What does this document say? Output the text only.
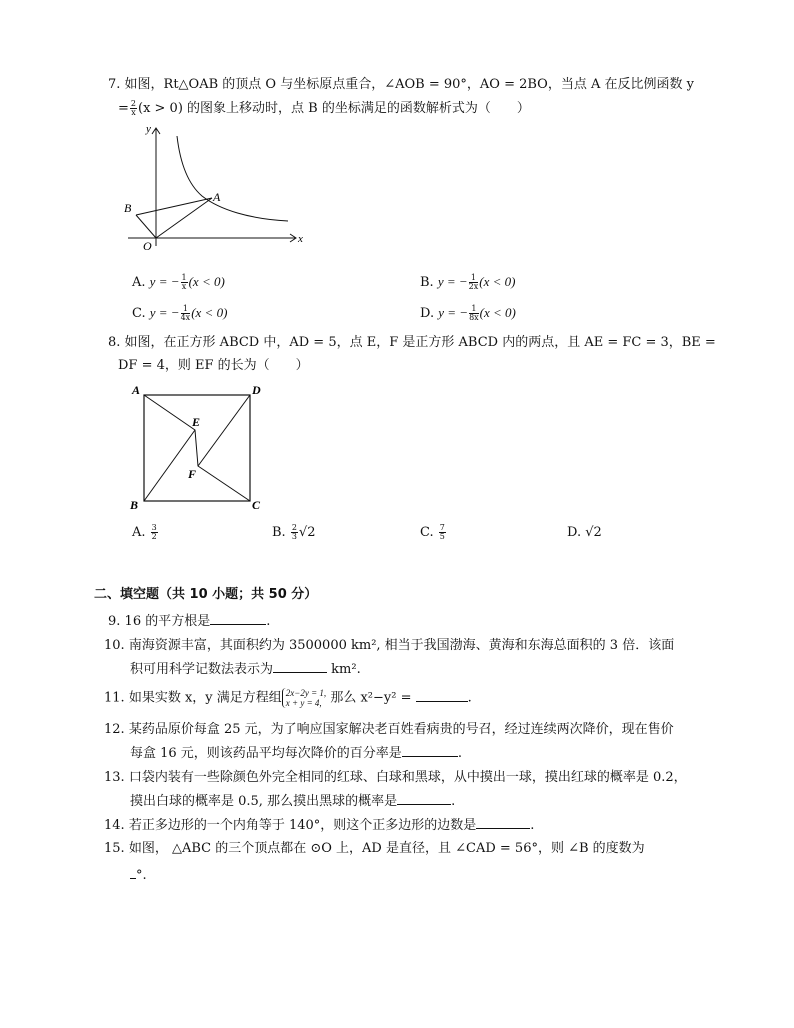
7. 如图，Rt△OAB 的顶点 O 与坐标原点重合，∠AOB = 90°，AO = 2BO，当点 A 在反比例函数 y
= $\frac{2}{x} (x > 0)$ 的图象上移动时，点 B 的坐标满足的函数解析式为（　　）
y
x
O
A
B
A. y = − $\frac{1}{x} (x < 0)$	B. y = − $\frac{1}{2x} (x < 0)$
C. y = − $\frac{1}{4x} (x < 0)$	D. y = − $\frac{1}{8x} (x < 0)$
8. 如图，在正方形 ABCD 中，AD = 5，点 E，F 是正方形 ABCD 内的两点，且 AE = FC = 3，BE =
DF = 4，则 EF 的长为（　　）
A	D
B	C
E
F
A. $\frac{3}{2}$	B. $\frac{2}{3} √2$	C. $\frac{7}{5}$	D. √2
二、填空题（共 10 小题；共 50 分）
9. 16 的平方根是	.
10. 南海资源丰富，其面积约为 3500000 km², 相当于我国渤海、黄海和东海总面积的 3 倍．该面
积可用科学记数法表示为	km².
11. 如果实数 x，y 满足方程组 2x−2y = 1,
x + y = 4, 那么 x²−y² =	.
12. 某药品原价每盒 25 元，为了响应国家解决老百姓看病贵的号召，经过连续两次降价，现在售价
每盒 16 元，则该药品平均每次降价的百分率是	.
13. 口袋内装有一些除颜色外完全相同的红球、白球和黑球，从中摸出一球，摸出红球的概率是 0.2，
摸出白球的概率是 0.5, 那么摸出黑球的概率是	.
14. 若正多边形的一个内角等于 140°，则这个正多边形的边数是	.
15. 如图， △ABC 的三个顶点都在 ⊙O 上，AD 是直径，且 ∠CAD = 56°，则 ∠B 的度数为
°.
